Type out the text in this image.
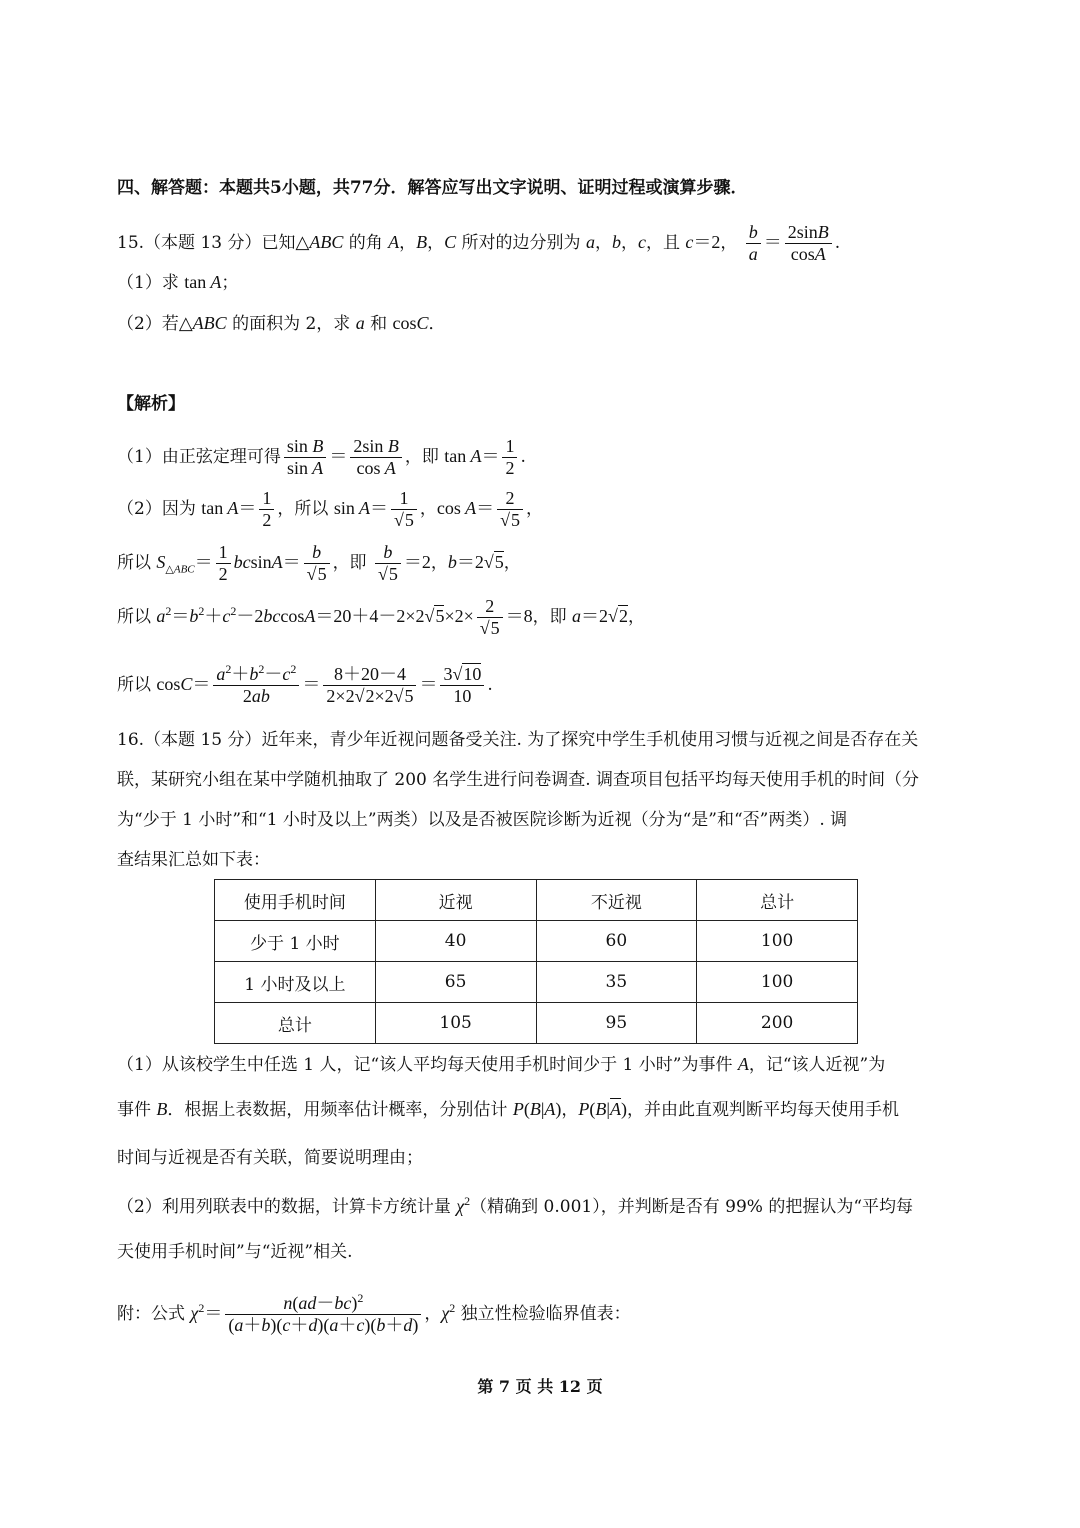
四、解答题：本题共5小题，共77分．解答应写出文字说明、证明过程或演算步骤．
15.（本题 13 分）已知△ABC 的角 A，B，C 所对的边分别为 a，b，c，且 c＝2， $\frac{b}{a} = \frac{2\sin B}{\cos A}$ .
（1）求 tan A；
（2）若△ABC 的面积为 2，求 a 和 cosC．
【解析】
（1）由正弦定理可得 $\frac{\text{sin B}}{\text{sin A}} = \frac{\text{2sin B}}{\text{cos A}}$ ，即 $\tan A= \frac{1}{2}$ .
（2）因为 $\tan A= \frac{1}{2}$ ，所以 $\sin A= \frac{1}{√5}$ ，$\cos A= \frac{2}{√5}$ ，
所以 $S_{\triangle ABC}= \frac{1}{2} bcsinA= \frac{b}{√5}$ ，即 $\frac{b}{√5} =2$，b＝2√5，
所以 $a^2=b^2+c^2-2bccosA=20+4-2\times 2√5\times 2\times \frac{2}{√5} =8$，即 a＝2√2，
所以 $\cos C= \frac{a^2+b^2-c^2}{2ab} = \frac{8+20-4}{2\times 2√2\times 2√5} = \frac{3√10}{10}$ .
16.（本题 15 分）近年来，青少年近视问题备受关注. 为了探究中学生手机使用习惯与近视之间是否存在关
联，某研究小组在某中学随机抽取了 200 名学生进行问卷调查. 调查项目包括平均每天使用手机的时间（分
为“少于 1 小时”和“1 小时及以上”两类）以及是否被医院诊断为近视（分为“是”和“否”两类）. 调
查结果汇总如下表：
使用手机时间	近视	不近视	总计
少于 1 小时	40	60	100
1 小时及以上	65	35	100
总计	105	95	200
（1）从该校学生中任选 1 人，记“该人平均每天使用手机时间少于 1 小时”为事件 A，记“该人近视”为
事件 B．根据上表数据，用频率估计概率，分别估计 P(B|A)，$P(B|\overline{A})$，并由此直观判断平均每天使用手机
时间与近视是否有关联，简要说明理由；
（2）利用列联表中的数据，计算卡方统计量 $\chi^2$（精确到 0.001），并判断是否有 99% 的把握认为“平均每
天使用手机时间”与“近视”相关.
附：公式 $\chi^2= \frac{n(ad-bc)^2}{(a+b)(c+d)(a+c)(b+d)}$ ，$\chi^2$ 独立性检验临界值表：
第 7 页 共 12 页
